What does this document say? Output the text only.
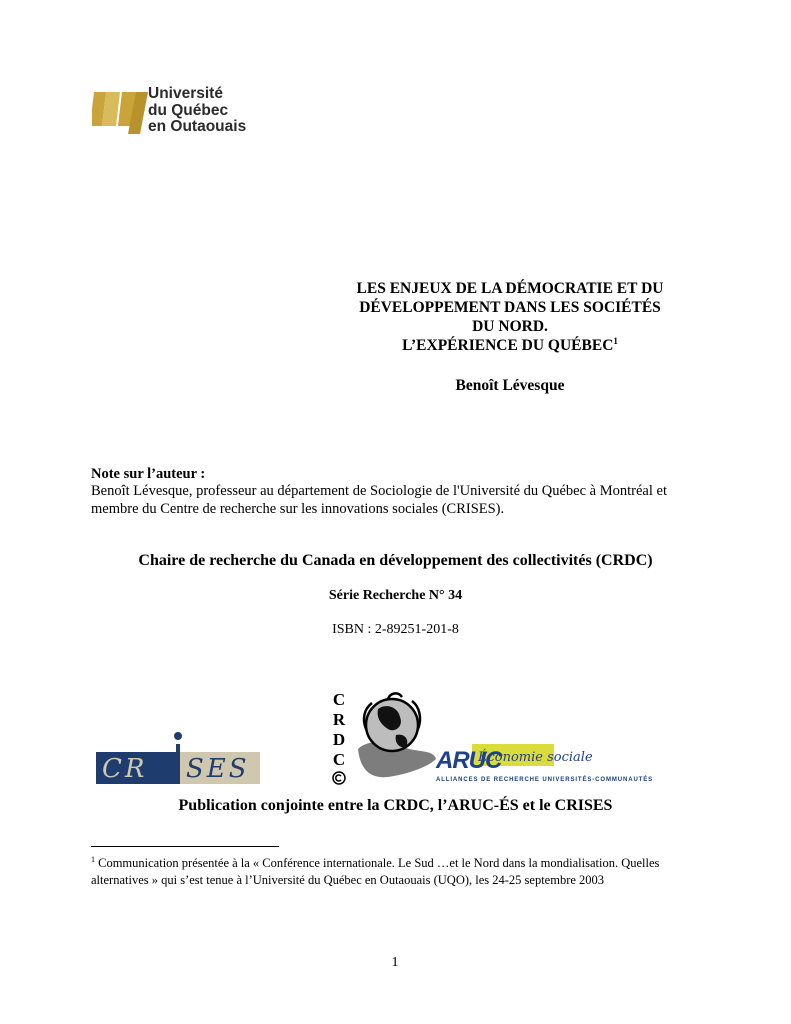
Université
du Québec
en Outaouais
LES ENJEUX DE LA DÉMOCRATIE ET DU
DÉVELOPPEMENT DANS LES SOCIÉTÉS
DU NORD.
L’EXPÉRIENCE DU QUÉBEC$^1$
Benoît Lévesque
Note sur l’auteur :
Benoît Lévesque, professeur au département de Sociologie de l'Université du Québec à Montréal et membre du Centre de recherche sur les innovations sociales (CRISES).
Chaire de recherche du Canada en développement des collectivités (CRDC)
Série Recherche N° 34
ISBN : 2-89251-201-8
CR SES
C
R
D
C	ARUC
Économie sociale
ALLIANCES DE RECHERCHE UNIVERSITÉS-COMMUNAUTÉS
Publication conjointe entre la CRDC, l’ARUC-ÉS et le CRISES
$^1$ Communication présentée à la « Conférence internationale. Le Sud …et le Nord dans la mondialisation. Quelles alternatives » qui s’est tenue à l’Université du Québec en Outaouais (UQO), les 24-25 septembre 2003
1
